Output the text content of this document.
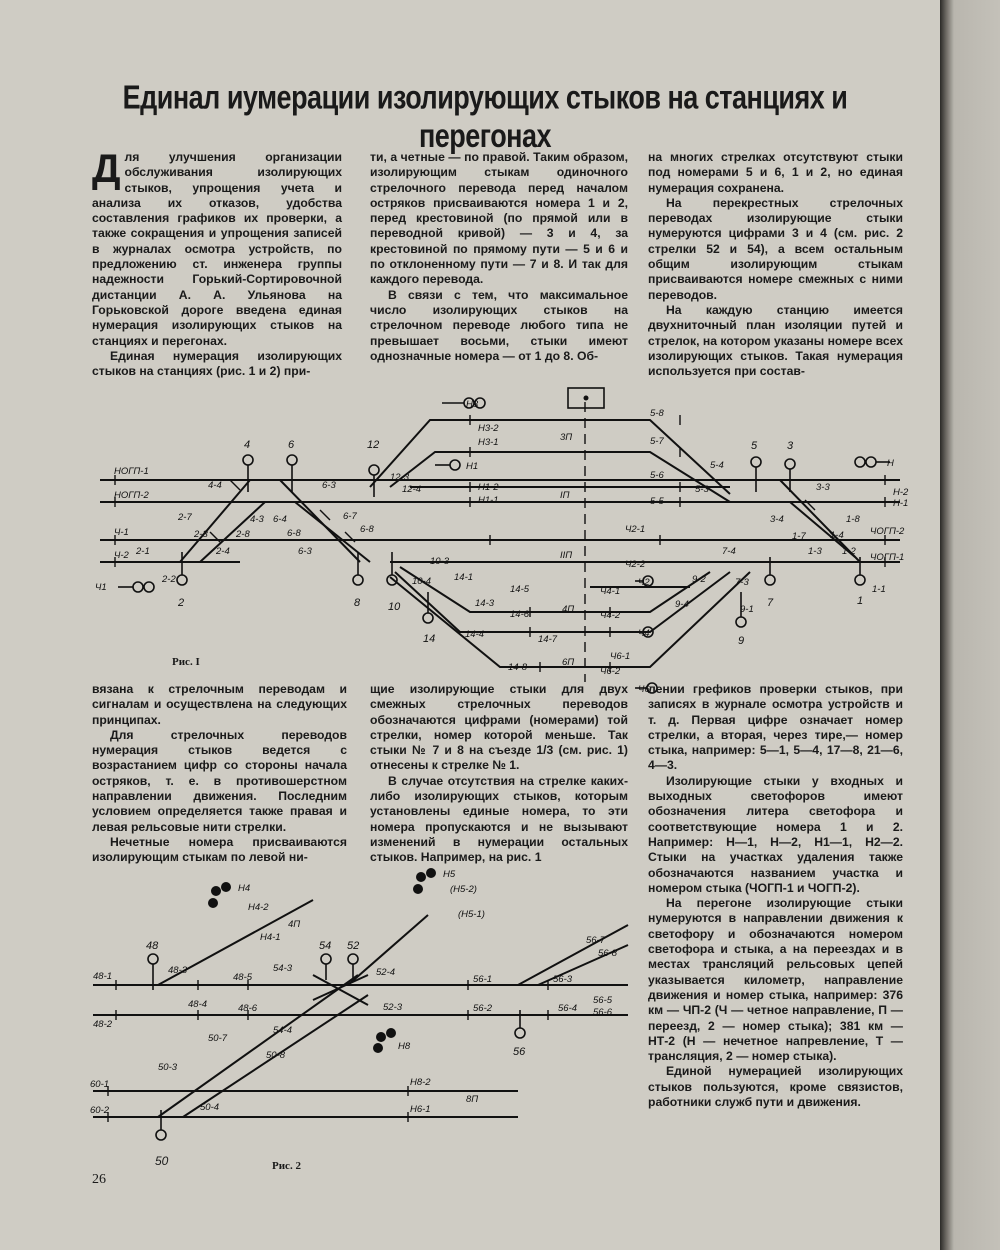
Единал иумерации изолирующих стыков на станциях и перегонах

Для улучшения организации обслуживания изолирующих стыков, упрощения учета и анализа их отказов, удобства составления графиков их проверки, а также сокращения и упрощения записей в журналах осмотра устройств, по предложению ст. инженера группы надежности Горький-Сортировочной дистанции А. А. Ульянова на Горьковской дороге введена единая нумерация изолирующих стыков на станциях и перегонах.

Единая нумерация изолирующих стыков на станциях (рис. 1 и 2) при-

ти, а четные — по правой. Таким образом, изолирующим стыкам одиночного стрелочного перевода перед началом остряков присваиваются номера 1 и 2, перед крестовиной (по прямой или в переводной кривой) — 3 и 4, за крестовиной по прямому пути — 5 и 6 и по отклоненному пути — 7 и 8. И так для каждого перевода.

В связи с тем, что максимальное число изолирующих стыков на стрелочном переводе любого типа не превышает восьми, стыки имеют однозначные номера — от 1 до 8. Об-

на многих стрелках отсутствуют стыки под номерами 5 и 6, 1 и 2, но единая нумерация сохранена.

На перекрестных стрелочных переводах изолирующие стыки нумеруются цифрами 3 и 4 (см. рис. 2 стрелки 52 и 54), а всем остальным общим изолирующим стыкам присваиваются номере смежных с ними переводов.

На каждую станцию имеется двухниточный план изоляции путей и стрелок, на котором указаны номере всех изолирующих стыков. Такая нумерация используется при состав-

НОГП-1
НОГП-2
Ч-1
Ч-2
Ч1
Н3
Н1	Н
Н3-2
Н3-1
Н1-2
Н1-1
5-8
5-7
5-6
5-5
5-4
5-3
12-3
12-4
4-4
4-3
6-3
6-4	6-7
6-8
6-8
6-3
2-7
2-3	2-8
2-4
2-1
2-2
10-3
10-4 14-1
14-3
14-5
14-6
14-4	14-7
14-8
IIП
3П
IП
4П
6П
Ч2-1
Ч2-2
Ч4-1
Ч4-2
Ч6-1
Ч6-2
Ч2
Ч4
Ч6
9-2
9-4	9-1
7-3
7-4
3-4
3-3
1-8
1-7	1-4
1-3 1-2
1-1
ЧОГП-2
ЧОГП-1
Н-2
Н-1
4	6	12	5	3
2	8	10
14	9
7	1
Рис. I

вязана к стрелочным переводам и сигналам и осуществлена на следующих принципах.

Для стрелочных переводов нумерация стыков ведется с возрастанием цифр со стороны начала остряков, т. е. в противошерстном направлении движения. Последним условием определяется также правая и левая рельсовые нити стрелки.

Нечетные номера присваиваются изолирующим стыкам по левой ни-

щие изолирующие стыки для двух смежных стрелочных переводов обозначаются цифрами (номерами) той стрелки, номер которой меньше. Так стыки № 7 и 8 на съезде 1/3 (см. рис. 1) отнесены к стрелке № 1.

В случае отсутствия на стрелке каких-либо изолирующих стыков, которым установлены единые номера, то эти номера пропускаются и не вызывают изменений в нумерации остальных стыков. Например, на рис. 1

лении грефиков проверки стыков, при записях в журнале осмотра устройств и т. д. Первая цифре означает номер стрелки, а вторая, через тире,— номер стыка, например: 5—1, 5—4, 17—8, 21—6, 4—3.

Изолирующие стыки у входных и выходных светофоров имеют обозначения литера светофора и соответствующие номера 1 и 2. Например: Н—1, Н—2, Н1—1, Н2—2. Стыки на участках удаления также обозначаются названием участка и номером стыка (ЧОГП-1 и ЧОГП-2).

На перегоне изолирующие стыки нумеруются в направлении движения к светофору и обозначаются номером светофора и стыка, а на переездах и в местах трансляций рельсовых цепей указывается километр, направление движения и номер стыка, например: 376 км — ЧП-2 (Ч — четное направление, П — переезд, 2 — номер стыка); 381 км — НТ-2 (Н — нечетное напревление, Т — трансляция, 2 — номер стыка).

Единой нумерацией изолирующих стыков пользуются, кроме связистов, работники служб пути и движения.

Н4
Н4-2
Н4-1
4П
Н5
(Н5-2)
(Н5-1)
Н8
48-1
48-2
48-3
48-4
48-5
48-6
54-3
54-4
52-4
52-3
56-1
56-2
56-3
56-4
56-5
56-6
56-7
56-8
50-7
50-8
50-3
50-4
60-1
60-2
Н8-2
Н6-1
8П
48	54 52
56
50	Рис. 2
26
